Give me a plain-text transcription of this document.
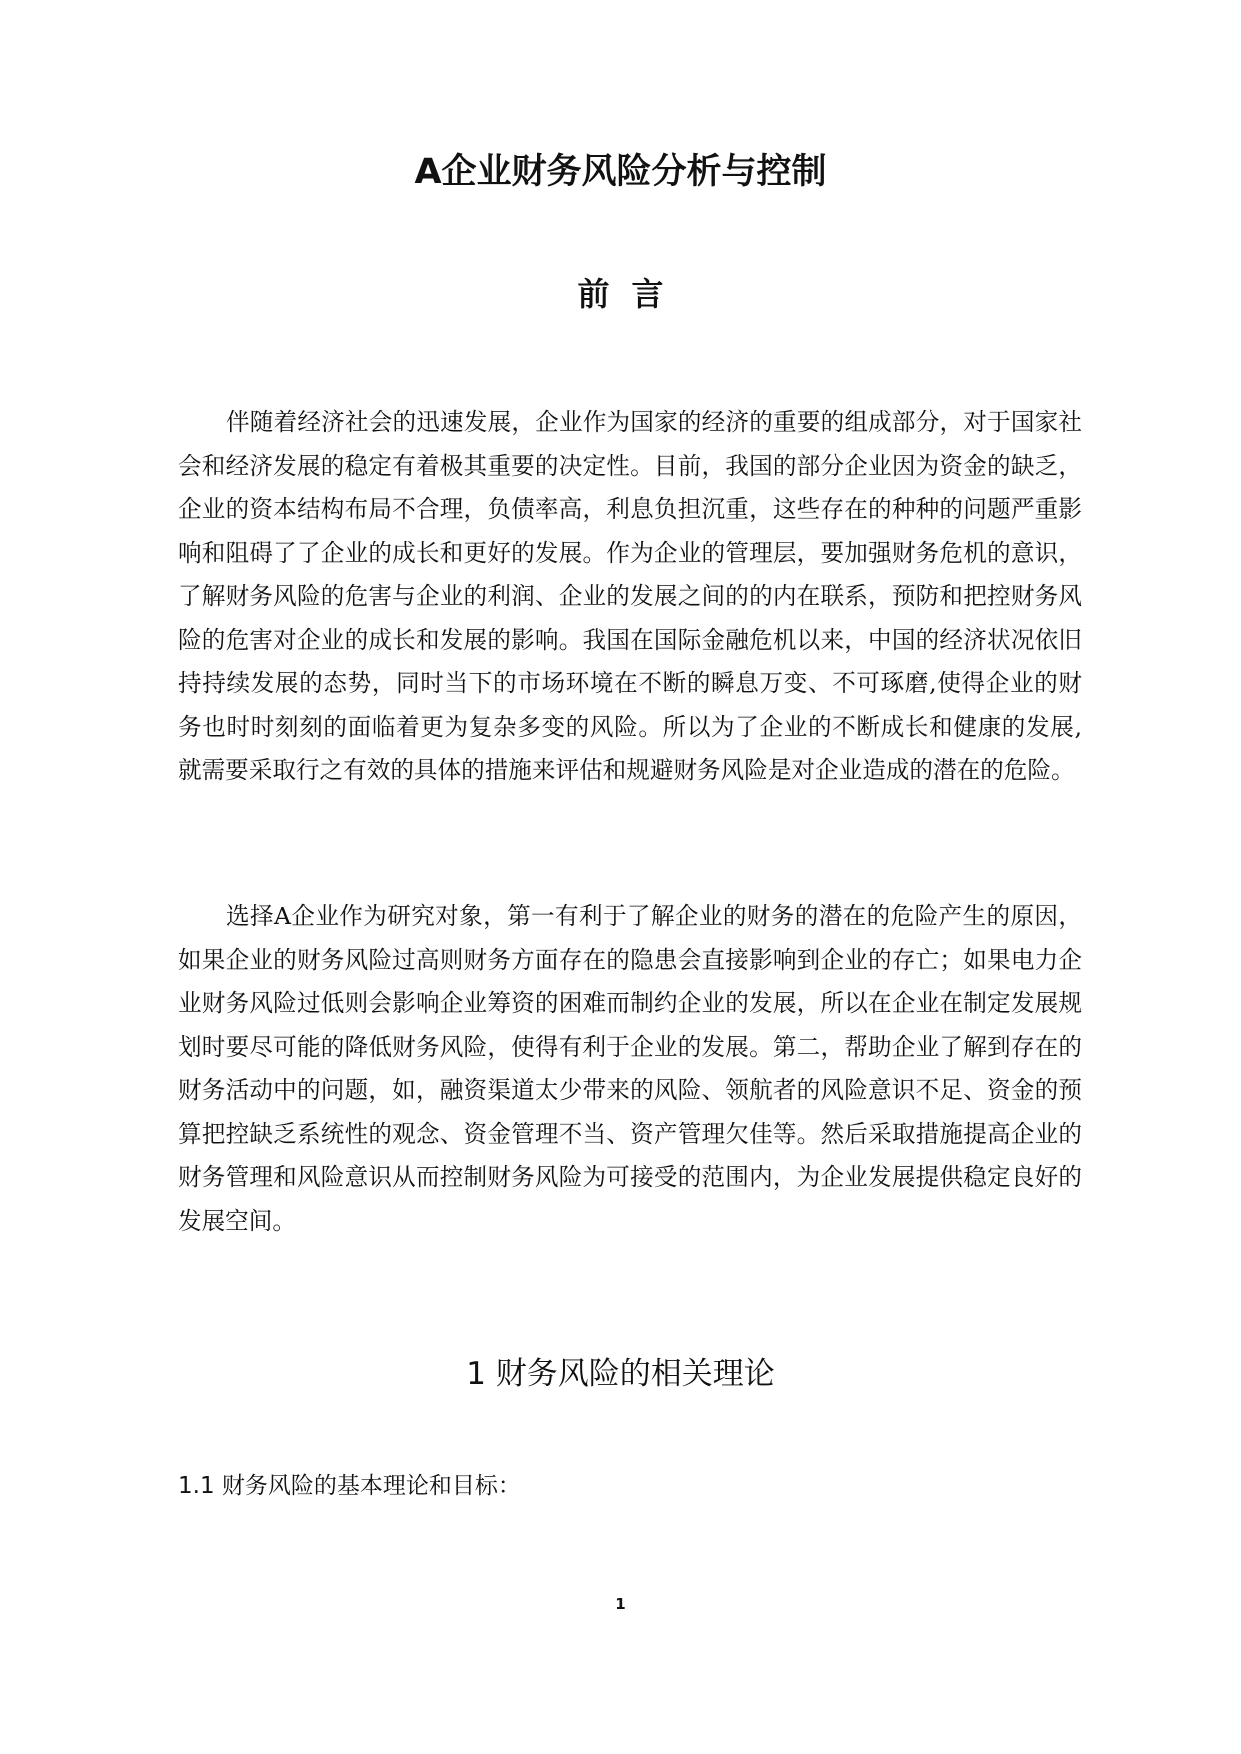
A企业财务风险分析与控制
前言

伴随着经济社会的迅速发展，企业作为国家的经济的重要的组成部分，对于国家社会和经济发展的稳定有着极其重要的决定性。目前，我国的部分企业因为资金的缺乏，企业的资本结构布局不合理，负债率高，利息负担沉重，这些存在的种种的问题严重影响和阻碍了了企业的成长和更好的发展。作为企业的管理层，要加强财务危机的意识，了解财务风险的危害与企业的利润、企业的发展之间的的内在联系，预防和把控财务风险的危害对企业的成长和发展的影响。我国在国际金融危机以来，中国的经济状况依旧持持续发展的态势，同时当下的市场环境在不断的瞬息万变、不可琢磨,使得企业的财务也时时刻刻的面临着更为复杂多变的风险。所以为了企业的不断成长和健康的发展,就需要采取行之有效的具体的措施来评估和规避财务风险是对企业造成的潜在的危险。

选择A企业作为研究对象，第一有利于了解企业的财务的潜在的危险产生的原因，如果企业的财务风险过高则财务方面存在的隐患会直接影响到企业的存亡；如果电力企业财务风险过低则会影响企业筹资的困难而制约企业的发展，所以在企业在制定发展规划时要尽可能的降低财务风险，使得有利于企业的发展。第二，帮助企业了解到存在的财务活动中的问题，如，融资渠道太少带来的风险、领航者的风险意识不足、资金的预算把控缺乏系统性的观念、资金管理不当、资产管理欠佳等。然后采取措施提高企业的财务管理和风险意识从而控制财务风险为可接受的范围内，为企业发展提供稳定良好的发展空间。

1 财务风险的相关理论
1.1 财务风险的基本理论和目标：
1
